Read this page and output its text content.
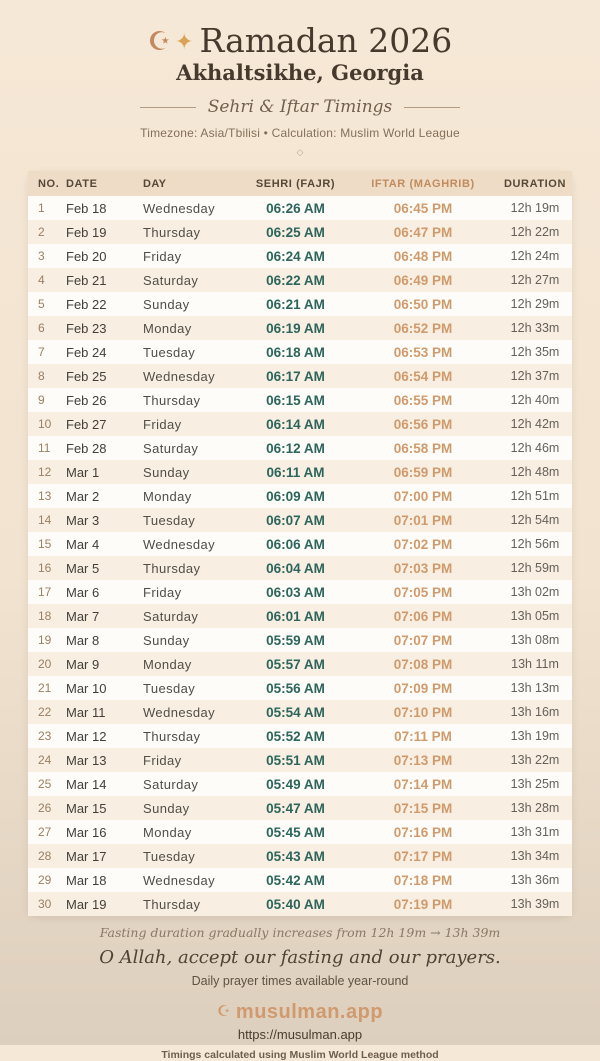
☪ ✦ Ramadan 2026
Akhaltsikhe, Georgia
Sehri & Iftar Timings
Timezone: Asia/Tbilisi • Calculation: Muslim World League
◇
NO. DATE	DAY	SEHRI (FAJR)	IFTAR (MAGHRIB)	DURATION
1	Feb 18	Wednesday	06:26 AM	06:45 PM	12h 19m
2	Feb 19	Thursday	06:25 AM	06:47 PM	12h 22m
3	Feb 20	Friday	06:24 AM	06:48 PM	12h 24m
4	Feb 21	Saturday	06:22 AM	06:49 PM	12h 27m
5	Feb 22	Sunday	06:21 AM	06:50 PM	12h 29m
6	Feb 23	Monday	06:19 AM	06:52 PM	12h 33m
7	Feb 24	Tuesday	06:18 AM	06:53 PM	12h 35m
8	Feb 25	Wednesday	06:17 AM	06:54 PM	12h 37m
9	Feb 26	Thursday	06:15 AM	06:55 PM	12h 40m
10	Feb 27	Friday	06:14 AM	06:56 PM	12h 42m
11	Feb 28	Saturday	06:12 AM	06:58 PM	12h 46m
12	Mar 1	Sunday	06:11 AM	06:59 PM	12h 48m
13	Mar 2	Monday	06:09 AM	07:00 PM	12h 51m
14	Mar 3	Tuesday	06:07 AM	07:01 PM	12h 54m
15	Mar 4	Wednesday	06:06 AM	07:02 PM	12h 56m
16	Mar 5	Thursday	06:04 AM	07:03 PM	12h 59m
17	Mar 6	Friday	06:03 AM	07:05 PM	13h 02m
18	Mar 7	Saturday	06:01 AM	07:06 PM	13h 05m
19	Mar 8	Sunday	05:59 AM	07:07 PM	13h 08m
20	Mar 9	Monday	05:57 AM	07:08 PM	13h 11m
21	Mar 10	Tuesday	05:56 AM	07:09 PM	13h 13m
22	Mar 11	Wednesday	05:54 AM	07:10 PM	13h 16m
23	Mar 12	Thursday	05:52 AM	07:11 PM	13h 19m
24	Mar 13	Friday	05:51 AM	07:13 PM	13h 22m
25	Mar 14	Saturday	05:49 AM	07:14 PM	13h 25m
26	Mar 15	Sunday	05:47 AM	07:15 PM	13h 28m
27	Mar 16	Monday	05:45 AM	07:16 PM	13h 31m
28	Mar 17	Tuesday	05:43 AM	07:17 PM	13h 34m
29	Mar 18	Wednesday	05:42 AM	07:18 PM	13h 36m
30	Mar 19	Thursday	05:40 AM	07:19 PM	13h 39m
Fasting duration gradually increases from 12h 19m → 13h 39m
O Allah, accept our fasting and our prayers.
Daily prayer times available year-round
☪ musulman.app
https://musulman.app
Timings calculated using Muslim World League method
